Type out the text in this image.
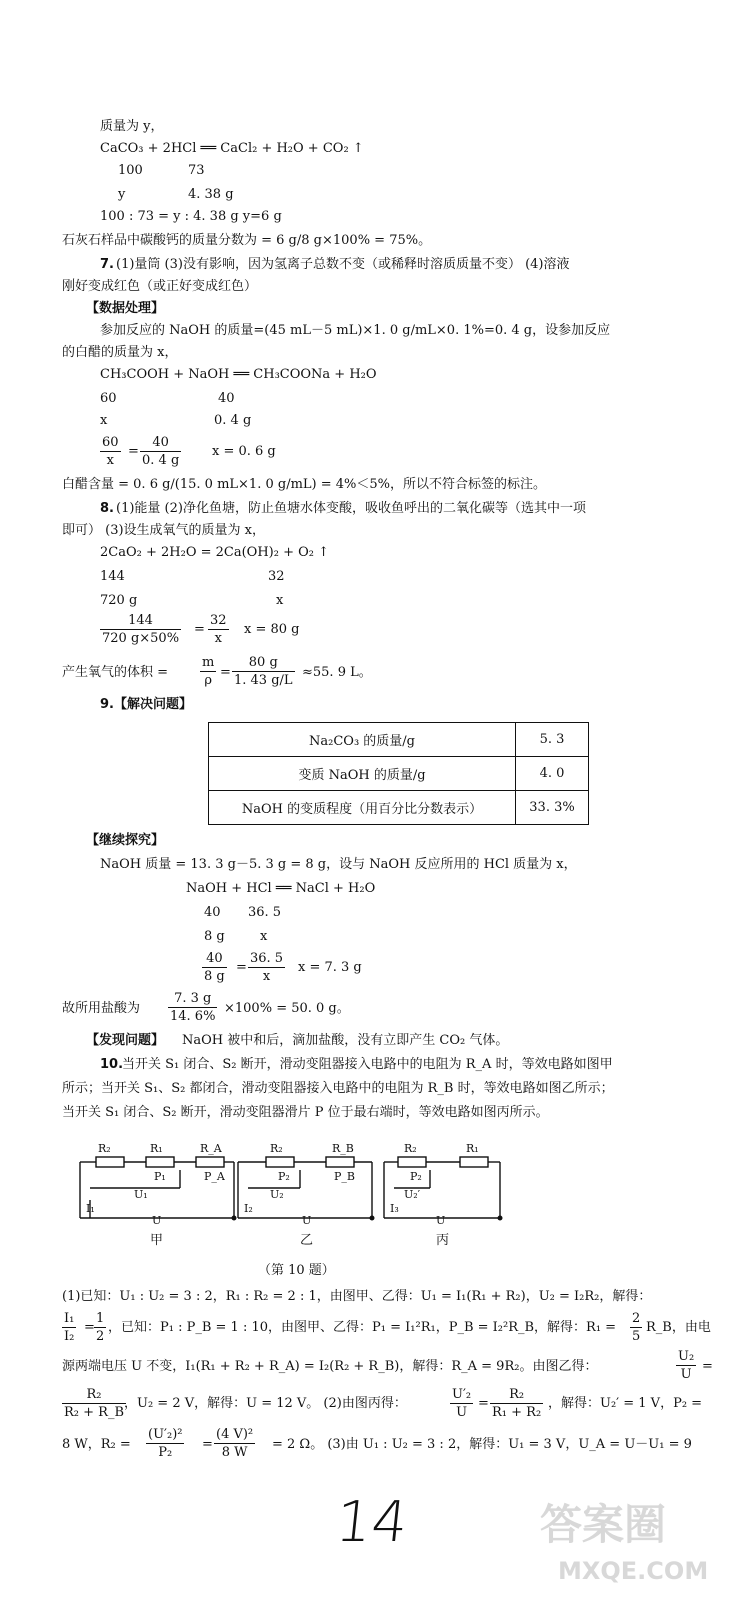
质量为 y，
CaCO₃ + 2HCl ══ CaCl₂ + H₂O + CO₂ ↑
100	73
y	4. 38 g
100 : 73 = y : 4. 38 g y=6 g
石灰石样品中碳酸钙的质量分数为 = 6 g/8 g×100% = 75%。
7. (1)量筒 (3)没有影响，因为氢离子总数不变（或稀释时溶质质量不变） (4)溶液
刚好变成红色（或正好变成红色）
【数据处理】
参加反应的 NaOH 的质量=(45 mL－5 mL)×1. 0 g/mL×0. 1%=0. 4 g，设参加反应
的白醋的质量为 x，
CH₃COOH + NaOH ══ CH₃COONa + H₂O
60	40
x	0. 4 g
$\frac{60}{x} = \frac{40}{0. 4 g}$ x = 0. 6 g
白醋含量 = 0. 6 g/(15. 0 mL×1. 0 g/mL) = 4%＜5%，所以不符合标签的标注。
8. (1)能量 (2)净化鱼塘，防止鱼塘水体变酸，吸收鱼呼出的二氧化碳等（选其中一项
即可） (3)设生成氧气的质量为 x，
2CaO₂ + 2H₂O = 2Ca(OH)₂ + O₂ ↑
144	32
720 g	x
$\frac{144}{720 g\times 50\%} = \frac{32}{x}$ x = 80 g
产生氧气的体积 = $\frac{m}{\rho} = \frac{80 g}{1. 43 g/L} \approx 55$. 9 L。
9. 【解决问题】
Na₂CO₃ 的质量/g	5. 3
变质 NaOH 的质量/g	4. 0
NaOH 的变质程度（用百分比分数表示）	33. 3%
【继续探究】
NaOH 质量 = 13. 3 g－5. 3 g = 8 g，设与 NaOH 反应所用的 HCl 质量为 x，
NaOH + HCl ══ NaCl + H₂O
40 36. 5
8 g	x
$\frac{40}{8 g} = \frac{36. 5}{x}$ x = 7. 3 g
故所用盐酸为 $\frac{7. 3 g}{14. 6\%} \times 100\% = 50$. 0 g。
【发现问题】 NaOH 被中和后，滴加盐酸，没有立即产生 CO₂ 气体。
10.
当开关 S₁ 闭合、S₂ 断开，滑动变阻器接入电路中的电阻为 R_A 时，等效电路如图甲
所示；当开关 S₁、S₂ 都闭合，滑动变阻器接入电路中的电阻为 R_B 时，等效电路如图乙所示；
当开关 S₁ 闭合、S₂ 断开，滑动变阻器滑片 P 位于最右端时，等效电路如图丙所示。
R₂	R₁	R_A
P₁	P_A
U₁
I₁
U
甲
R₂	R_B
P₂	P_B
U₂
I₂
U
乙
R₂	R₁
P₂
U₂′
I₃
U
丙
（第 10 题）
(1)已知：U₁ : U₂ = 3 : 2，R₁ : R₂ = 2 : 1，由图甲、乙得：U₁ = I₁(R₁ + R₂)，U₂ = I₂R₂，解得：
$\frac{\text{I₁}}{\text{I₂}} = \frac{1}{2}$ ，已知：P₁ : P_B = 1 : 10，由图甲、乙得：P₁ = I₁²R₁，P_B = I₂²R_B，解得：$R_1 = \frac{2}{5}$ R_B，由电
源两端电压 U 不变，I₁(R₁ + R₂ + R_A) = I₂(R₂ + R_B)，解得：R_A = 9R₂。由图乙得：	$\frac{\text{U₂}}{U}$ =
$\frac{\text{R₂}}{\text{R₂ + R\_B}}$
，U₂ = 2 V，解得：U = 12 V。 (2)由图丙得：	$\frac{\text{U′₂}}{U} = \frac{\text{R₂}}{\text{R₁ + R₂}}$ ，解得：U₂′ = 1 V，P₂ =
8 W，$R_2 = \frac{\text{(U′₂)²}}{\text{P₂}} = \frac{\text{(4 V)²}}{8 W} = 2$ Ω。 (3)由 U₁ : U₂ = 3 : 2，解得：U₁ = 3 V，U_A = U－U₁ = 9
14	答案圈
MXQE.COM
